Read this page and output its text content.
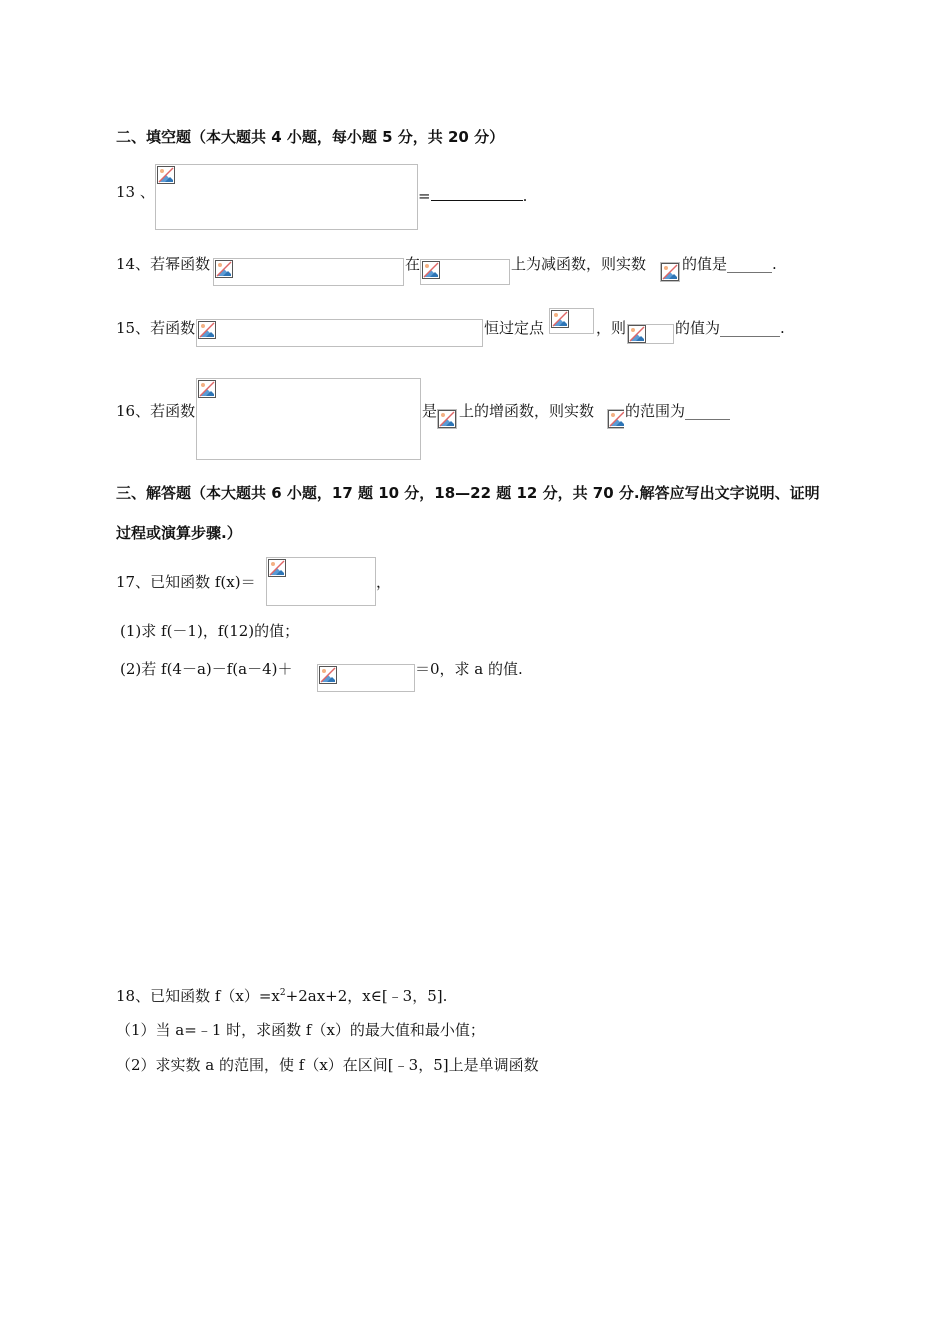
二、填空题（本大题共 4 小题，每小题 5 分，共 20 分）
13 、	=	.
14、若幂函数	在	上为减函数，则实数 的值是______.
15、若函数	恒过定点	，则	的值为________.
16、若函数	是 上的增函数，则实数 的范围为______
三、解答题（本大题共 6 小题，17 题 10 分，18—22 题 12 分，共 70 分.解答应写出文字说明、证明
过程或演算步骤.）
17、已知函数 f(x)＝	，
(1)求 f(－1)，f(12)的值；
(2)若 f(4－a)－f(a－4)＋	＝0，求 a 的值.
18、已知函数 $f(x)=x^2+2ax+2$，x∈[﹣3，5].
（1）当 a=﹣1 时，求函数 f（x）的最大值和最小值；
（2）求实数 a 的范围，使 f（x）在区间[﹣3，5]上是单调函数
